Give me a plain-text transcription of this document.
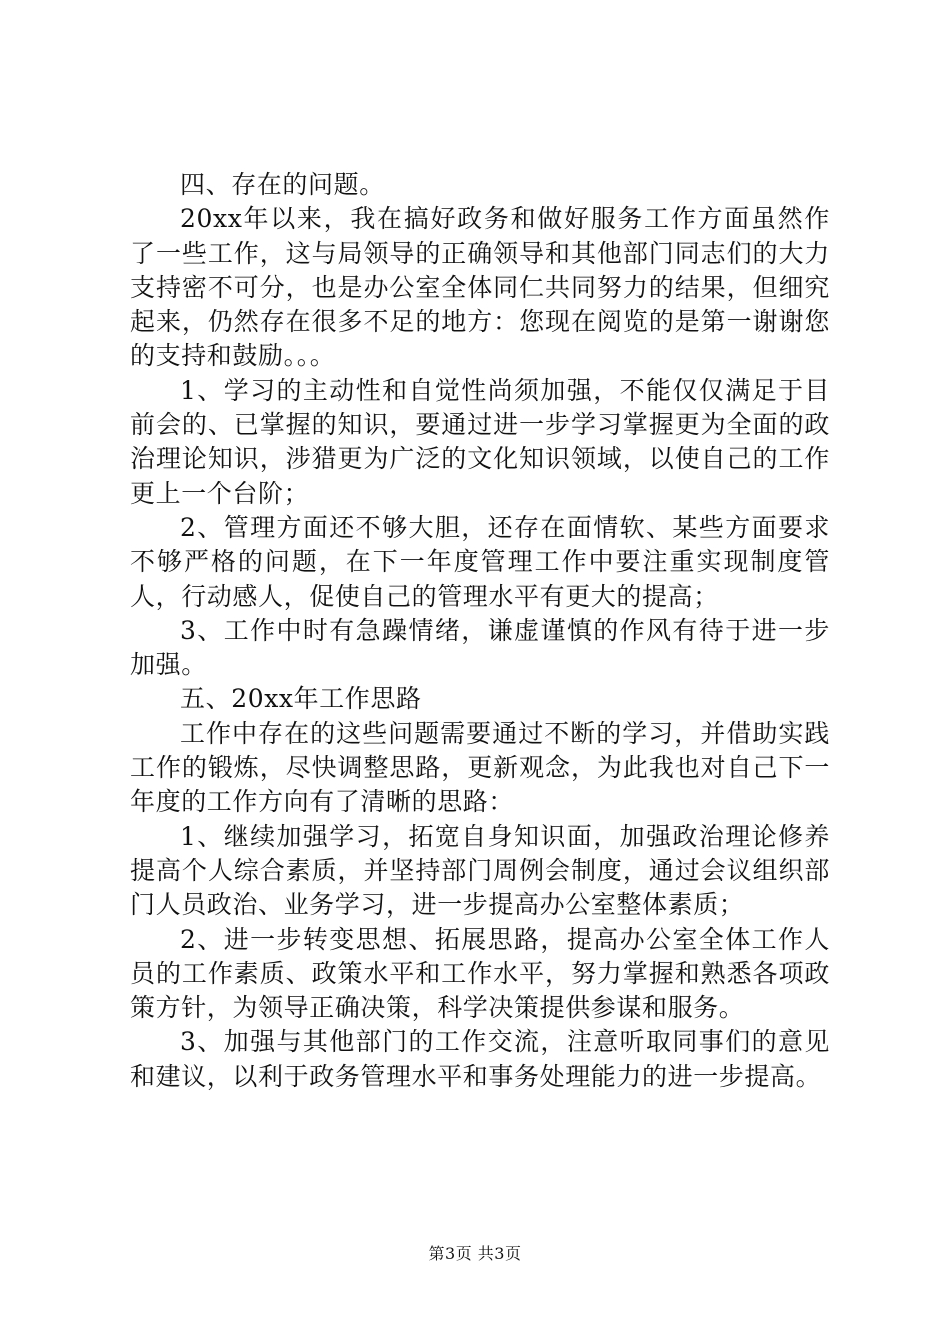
四、存在的问题。

20xx年以来，我在搞好政务和做好服务工作方面虽然作了一些工作，这与局领导的正确领导和其他部门同志们的大力支持密不可分，也是办公室全体同仁共同努力的结果，但细究起来，仍然存在很多不足的地方：您现在阅览的是第一谢谢您的支持和鼓励。。。

1、学习的主动性和自觉性尚须加强，不能仅仅满足于目前会的、已掌握的知识，要通过进一步学习掌握更为全面的政治理论知识，涉猎更为广泛的文化知识领域，以使自己的工作更上一个台阶；

2、管理方面还不够大胆，还存在面情软、某些方面要求不够严格的问题，在下一年度管理工作中要注重实现制度管人，行动感人，促使自己的管理水平有更大的提高；

3、工作中时有急躁情绪，谦虚谨慎的作风有待于进一步加强。

五、20xx年工作思路

工作中存在的这些问题需要通过不断的学习，并借助实践工作的锻炼，尽快调整思路，更新观念，为此我也对自己下一年度的工作方向有了清晰的思路：

1、继续加强学习，拓宽自身知识面，加强政治理论修养提高个人综合素质，并坚持部门周例会制度，通过会议组织部门人员政治、业务学习，进一步提高办公室整体素质；

2、进一步转变思想、拓展思路，提高办公室全体工作人员的工作素质、政策水平和工作水平，努力掌握和熟悉各项政策方针，为领导正确决策，科学决策提供参谋和服务。

3、加强与其他部门的工作交流，注意听取同事们的意见和建议，以利于政务管理水平和事务处理能力的进一步提高。

第3页 共3页
